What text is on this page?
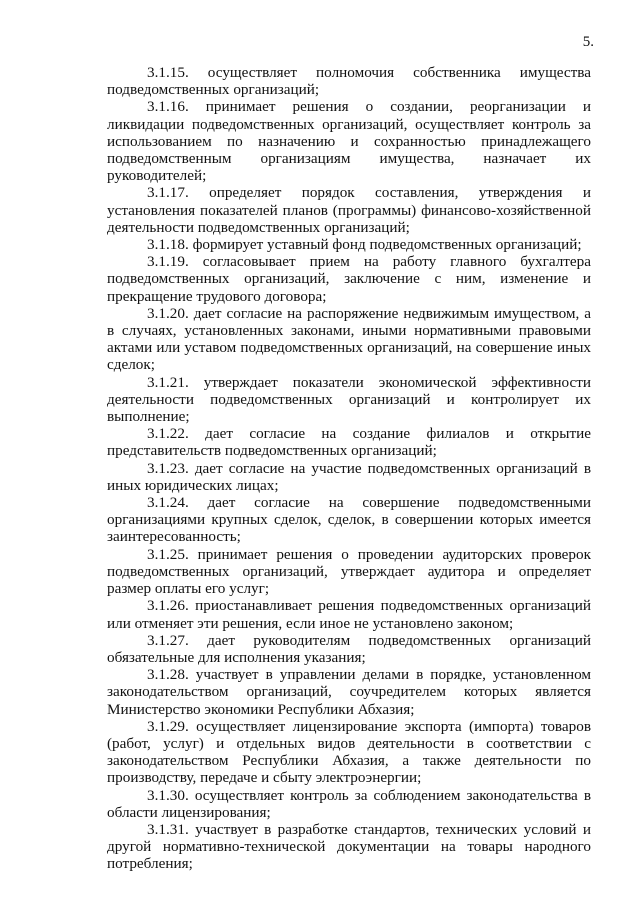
5.

3.1.15. осуществляет полномочия собственника имущества подведомственных организаций;

3.1.16. принимает решения о создании, реорганизации и ликвидации подведомственных организаций, осуществляет контроль за использованием по назначению и сохранностью принадлежащего подведомственным организациям имущества, назначает их руководителей;

3.1.17. определяет порядок составления, утверждения и установления показателей планов (программы) финансово-хозяйственной деятельности подведомственных организаций;

3.1.18. формирует уставный фонд подведомственных организаций;

3.1.19. согласовывает прием на работу главного бухгалтера подведомственных организаций, заключение с ним, изменение и прекращение трудового договора;

3.1.20. дает согласие на распоряжение недвижимым имуществом, а в случаях, установленных законами, иными нормативными правовыми актами или уставом подведомственных организаций, на совершение иных сделок;

3.1.21. утверждает показатели экономической эффективности деятельности подведомственных организаций и контролирует их выполнение;

3.1.22. дает согласие на создание филиалов и открытие представительств подведомственных организаций;

3.1.23. дает согласие на участие подведомственных организаций в иных юридических лицах;

3.1.24. дает согласие на совершение подведомственными организациями крупных сделок, сделок, в совершении которых имеется заинтересованность;

3.1.25. принимает решения о проведении аудиторских проверок подведомственных организаций, утверждает аудитора и определяет размер оплаты его услуг;

3.1.26. приостанавливает решения подведомственных организаций или отменяет эти решения, если иное не установлено законом;

3.1.27. дает руководителям подведомственных организаций обязательные для исполнения указания;

3.1.28. участвует в управлении делами в порядке, установленном законодательством организаций, соучредителем которых является Министерство экономики Республики Абхазия;

3.1.29. осуществляет лицензирование экспорта (импорта) товаров (работ, услуг) и отдельных видов деятельности в соответствии с законодательством Республики Абхазия, а также деятельности по производству, передаче и сбыту электроэнергии;

3.1.30. осуществляет контроль за соблюдением законодательства в области лицензирования;

3.1.31. участвует в разработке стандартов, технических условий и другой нормативно-технической документации на товары народного потребления;
